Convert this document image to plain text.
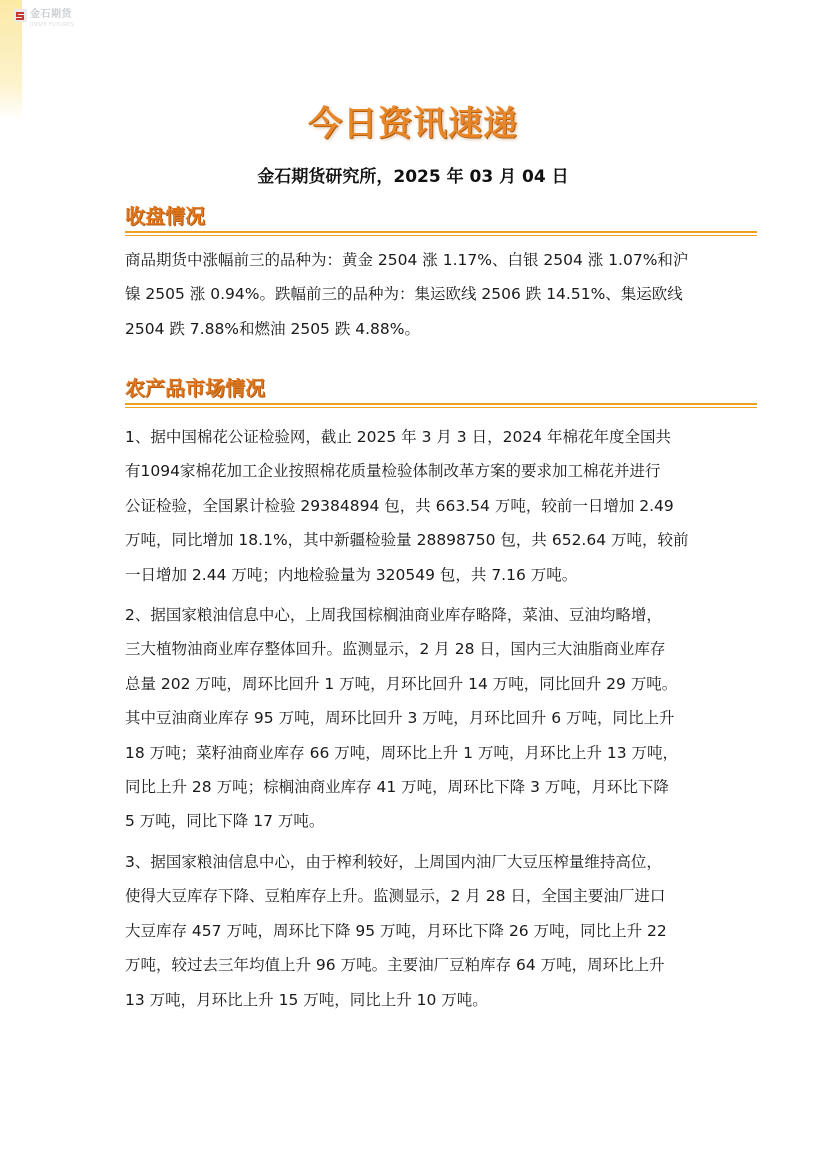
金石期货
JINSHI FUTURES
今日资讯速递
金石期货研究所，2025 年 03 月 04 日
收盘情况

商品期货中涨幅前三的品种为：黄金 2504 涨 1.17%、白银 2504 涨 1.07%和沪
镍 2505 涨 0.94%。跌幅前三的品种为：集运欧线 2506 跌 14.51%、集运欧线
2504 跌 7.88%和燃油 2505 跌 4.88%。

农产品市场情况

1、据中国棉花公证检验网，截止 2025 年 3 月 3 日，2024 年棉花年度全国共
有1094家棉花加工企业按照棉花质量检验体制改革方案的要求加工棉花并进行
公证检验，全国累计检验 29384894 包，共 663.54 万吨，较前一日增加 2.49
万吨，同比增加 18.1%，其中新疆检验量 28898750 包，共 652.64 万吨，较前
一日增加 2.44 万吨；内地检验量为 320549 包，共 7.16 万吨。

2、据国家粮油信息中心，上周我国棕榈油商业库存略降，菜油、豆油均略增，
三大植物油商业库存整体回升。监测显示，2 月 28 日，国内三大油脂商业库存
总量 202 万吨，周环比回升 1 万吨，月环比回升 14 万吨，同比回升 29 万吨。
其中豆油商业库存 95 万吨，周环比回升 3 万吨，月环比回升 6 万吨，同比上升
18 万吨；菜籽油商业库存 66 万吨，周环比上升 1 万吨，月环比上升 13 万吨，
同比上升 28 万吨；棕榈油商业库存 41 万吨，周环比下降 3 万吨，月环比下降
5 万吨，同比下降 17 万吨。

3、据国家粮油信息中心，由于榨利较好，上周国内油厂大豆压榨量维持高位，
使得大豆库存下降、豆粕库存上升。监测显示，2 月 28 日，全国主要油厂进口
大豆库存 457 万吨，周环比下降 95 万吨，月环比下降 26 万吨，同比上升 22
万吨，较过去三年均值上升 96 万吨。主要油厂豆粕库存 64 万吨，周环比上升
13 万吨，月环比上升 15 万吨，同比上升 10 万吨。
